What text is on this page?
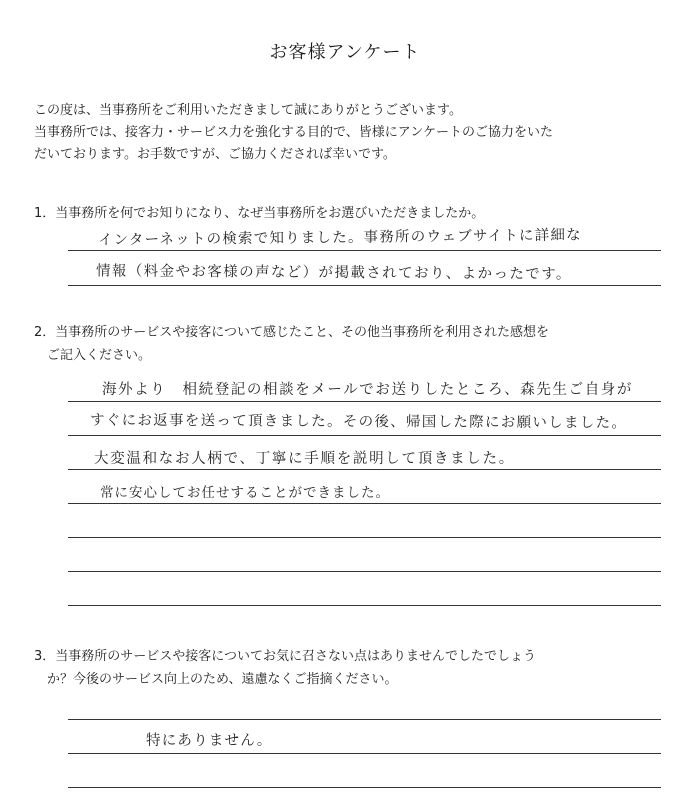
お客様アンケート
この度は、当事務所をご利用いただきまして誠にありがとうございます。
当事務所では、接客力・サービス力を強化する目的で、皆様にアンケートのご協力をいた
だいております。お手数ですが、ご協力くだされば幸いです。
1．当事務所を何でお知りになり、なぜ当事務所をお選びいただきましたか。
インターネットの検索で知りました。事務所のウェブサイトに詳細な
情報（料金やお客様の声など）が掲載されており、よかったです。
2．当事務所のサービスや接客について感じたこと、その他当事務所を利用された感想を
　ご記入ください。
海外より　相続登記の相談をメールでお送りしたところ、森先生ご自身が
すぐにお返事を送って頂きました。その後、帰国した際にお願いしました。
大変温和なお人柄で、丁寧に手順を説明して頂きました。
常に安心してお任せすることができました。
3．当事務所のサービスや接客についてお気に召さない点はありませんでしたでしょう
　か？今後のサービス向上のため、遠慮なくご指摘ください。
特にありません。
